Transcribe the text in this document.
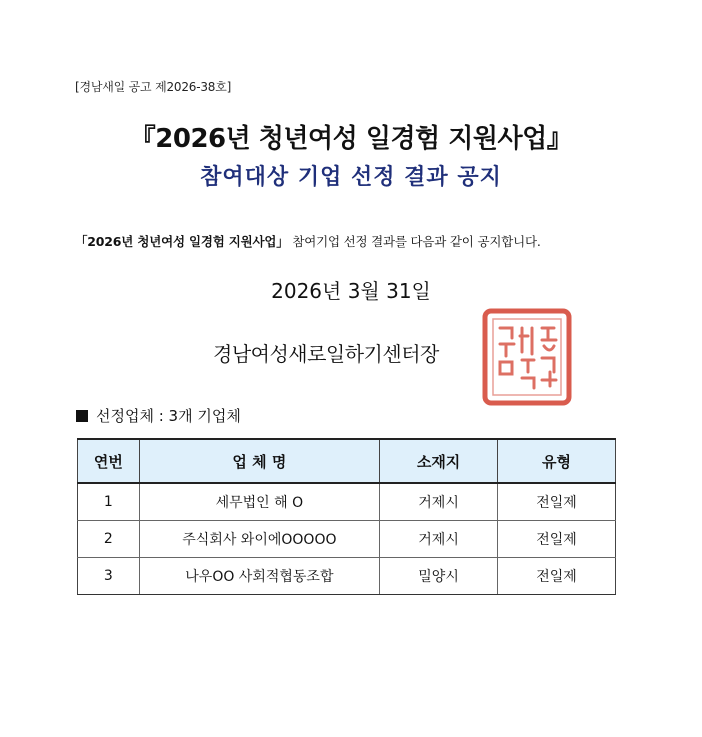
[경남새일 공고 제2026-38호]
『2026년 청년여성 일경험 지원사업』
참여대상 기업 선정 결과 공지
「2026년 청년여성 일경험 지원사업」 참여기업 선정 결과를 다음과 같이 공지합니다.
2026년 3월 31일
경남여성새로일하기센터장
선정업체 : 3개 기업체
연번	업 체 명	소재지	유형
1	세무법인 해 O	거제시	전일제
2	주식회사 와이에OOOOO	거제시	전일제
3	나우OO 사회적협동조합	밀양시	전일제
